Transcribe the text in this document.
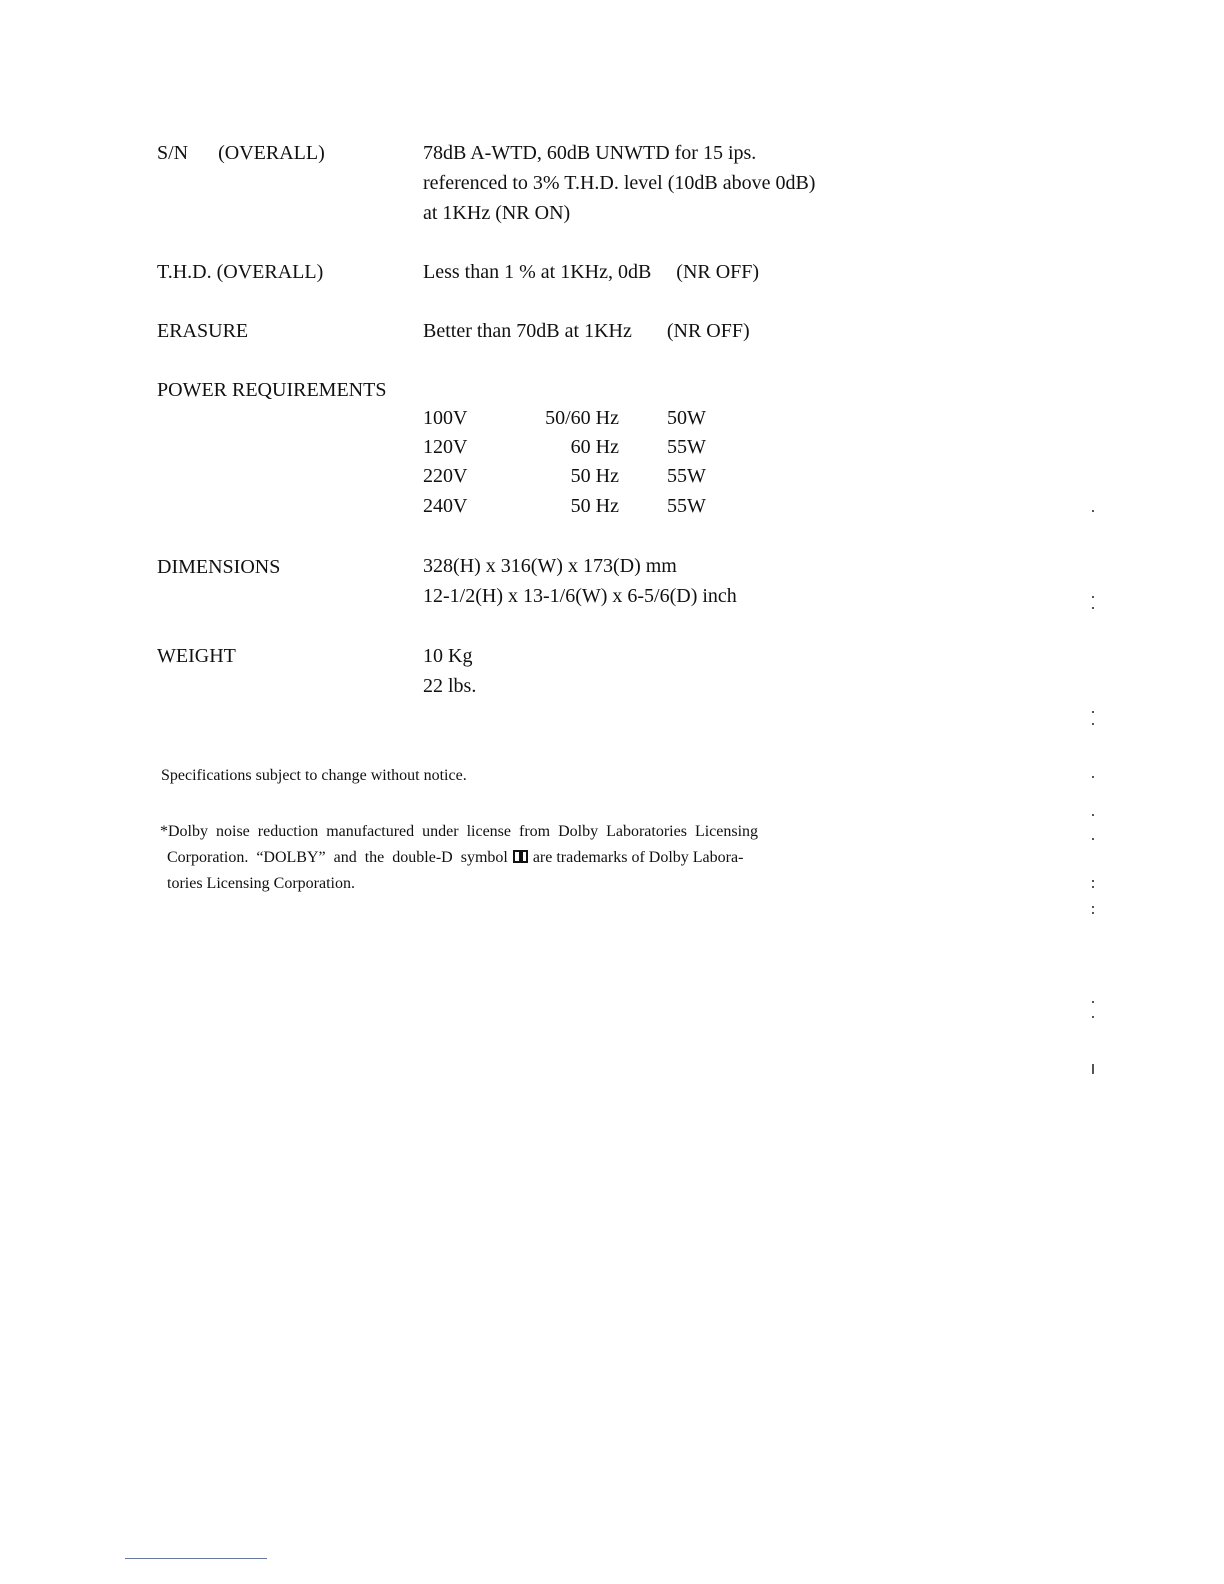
S/N      (OVERALL)	78dB A-WTD, 60dB UNWTD for 15 ips.
referenced to 3% T.H.D. level (10dB above 0dB)
at 1KHz (NR ON)
T.H.D. (OVERALL)	Less than 1 % at 1KHz, 0dB     (NR OFF)
ERASURE	Better than 70dB at 1KHz       (NR OFF)
POWER REQUIREMENTS
100V	50/60 Hz 50W
120V	60 Hz 55W
220V	50 Hz 55W
240V	50 Hz 55W
DIMENSIONS	328(H) x 316(W) x 173(D) mm
12-1/2(H) x 13-1/6(W) x 6-5/6(D) inch
WEIGHT	10 Kg
22 lbs.
Specifications subject to change without notice.
*Dolby  noise  reduction  manufactured  under  license  from  Dolby  Laboratories  Licensing
Corporation.  “DOLBY”  and  the  double-D  symbol  are trademarks of Dolby Labora-
tories Licensing Corporation.
